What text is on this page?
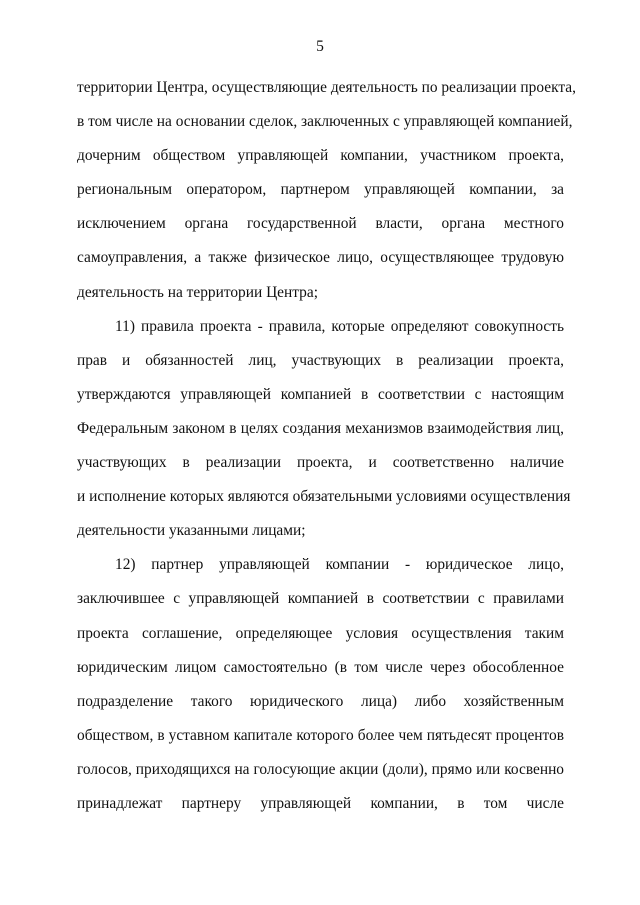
5
территории Центра, осуществляющие деятельность по реализации проекта,
в том числе на основании сделок, заключенных с управляющей компанией,
дочерним обществом управляющей компании, участником проекта,
региональным оператором, партнером управляющей компании, за
исключением органа государственной власти, органа местного
самоуправления, а также физическое лицо, осуществляющее трудовую
деятельность на территории Центра;
11) правила проекта - правила, которые определяют совокупность
прав и обязанностей лиц, участвующих в реализации проекта,
утверждаются управляющей компанией в соответствии с настоящим
Федеральным законом в целях создания механизмов взаимодействия лиц,
участвующих в реализации проекта, и соответственно наличие
и исполнение которых являются обязательными условиями осуществления
деятельности указанными лицами;
12) партнер управляющей компании - юридическое лицо,
заключившее с управляющей компанией в соответствии с правилами
проекта соглашение, определяющее условия осуществления таким
юридическим лицом самостоятельно (в том числе через обособленное
подразделение такого юридического лица) либо хозяйственным
обществом, в уставном капитале которого более чем пятьдесят процентов
голосов, приходящихся на голосующие акции (доли), прямо или косвенно
принадлежат партнеру управляющей компании, в том числе
